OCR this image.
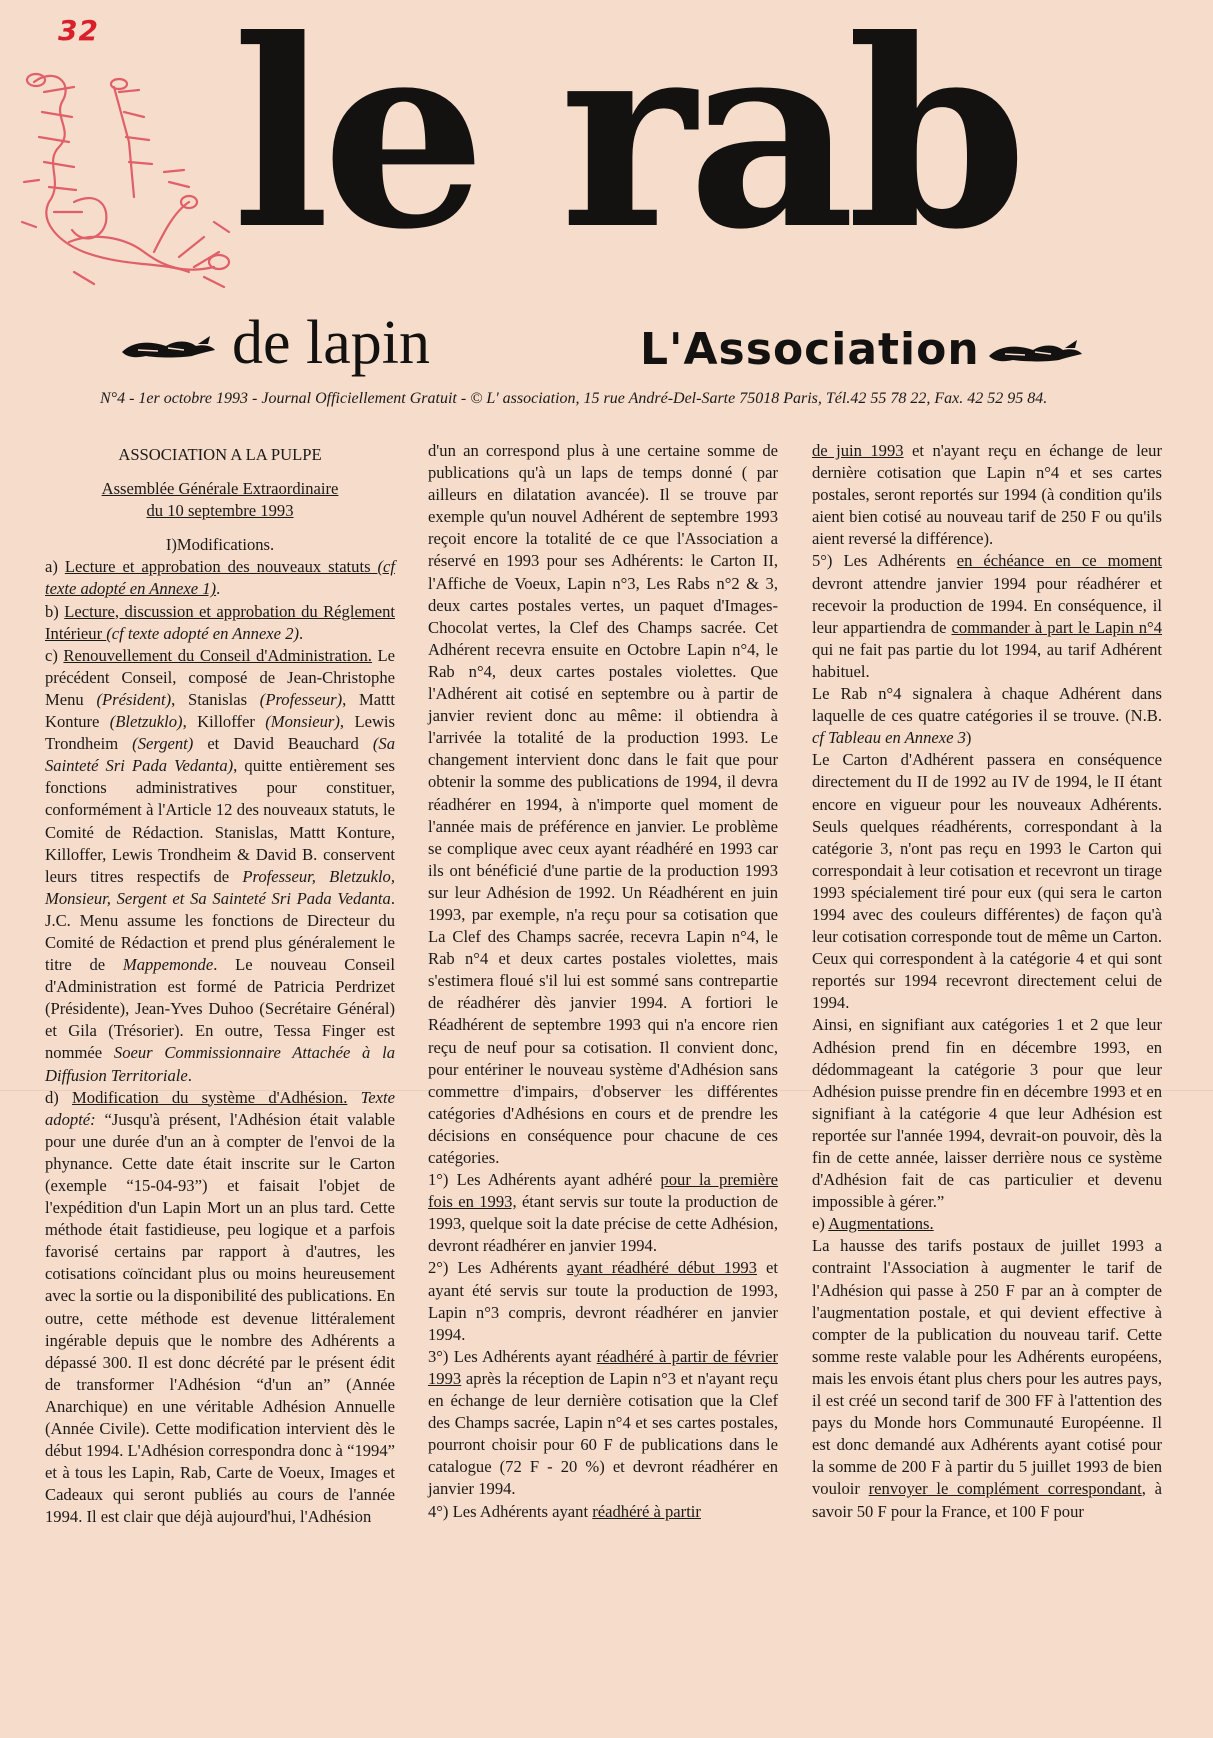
32 le rab
de lapin	L'Association
N°4 - 1er octobre 1993 - Journal Officiellement Gratuit - © L' association, 15 rue André-Del-Sarte 75018 Paris, Tél.42 55 78 22, Fax. 42 52 95 84.

ASSOCIATION A LA PULPE

Assemblée Générale Extraordinaire
du 10 septembre 1993

I)Modifications.

a) Lecture et approbation des nouveaux statuts (cf texte adopté en Annexe 1).

b) Lecture, discussion et approbation du Réglement Intérieur (cf texte adopté en Annexe 2).

c) Renouvellement du Conseil d'Administration. Le précédent Conseil, composé de Jean-Christophe Menu (Président), Stanislas (Professeur), Mattt Konture (Bletzuklo), Killoffer (Monsieur), Lewis Trondheim (Sergent) et David Beauchard (Sa Sainteté Sri Pada Vedanta), quitte entièrement ses fonctions administratives pour constituer, conformément à l'Article 12 des nouveaux statuts, le Comité de Rédaction. Stanislas, Mattt Konture, Killoffer, Lewis Trondheim & David B. conservent leurs titres respectifs de Professeur, Bletzuklo, Monsieur, Sergent et Sa Sainteté Sri Pada Vedanta. J.C. Menu assume les fonctions de Directeur du Comité de Rédaction et prend plus généralement le titre de Mappemonde. Le nouveau Conseil d'Administration est formé de Patricia Perdrizet (Présidente), Jean-Yves Duhoo (Secrétaire Général) et Gila (Trésorier). En outre, Tessa Finger est nommée Soeur Commissionnaire Attachée à la Diffusion Territoriale.

d) Modification du système d'Adhésion. Texte adopté: “Jusqu'à présent, l'Adhésion était valable pour une durée d'un an à compter de l'envoi de la phynance. Cette date était inscrite sur le Carton (exemple “15-04-93”) et faisait l'objet de l'expédition d'un Lapin Mort un an plus tard. Cette méthode était fastidieuse, peu logique et a parfois favorisé certains par rapport à d'autres, les cotisations coïncidant plus ou moins heureusement avec la sortie ou la disponibilité des publications. En outre, cette méthode est devenue littéralement ingérable depuis que le nombre des Adhérents a dépassé 300. Il est donc décrété par le présent édit de transformer l'Adhésion “d'un an” (Année Anarchique) en une véritable Adhésion Annuelle (Année Civile). Cette modification intervient dès le début 1994. L'Adhésion correspondra donc à “1994” et à tous les Lapin, Rab, Carte de Voeux, Images et Cadeaux qui seront publiés au cours de l'année 1994. Il est clair que déjà aujourd'hui, l'Adhésion

d'un an correspond plus à une certaine somme de publications qu'à un laps de temps donné ( par ailleurs en dilatation avancée). Il se trouve par exemple qu'un nouvel Adhérent de septembre 1993 reçoit encore la totalité de ce que l'Association a réservé en 1993 pour ses Adhérents: le Carton II, l'Affiche de Voeux, Lapin n°3, Les Rabs n°2 & 3, deux cartes postales vertes, un paquet d'Images-Chocolat vertes, la Clef des Champs sacrée. Cet Adhérent recevra ensuite en Octobre Lapin n°4, le Rab n°4, deux cartes postales violettes. Que l'Adhérent ait cotisé en septembre ou à partir de janvier revient donc au même: il obtiendra à l'arrivée la totalité de la production 1993. Le changement intervient donc dans le fait que pour obtenir la somme des publications de 1994, il devra réadhérer en 1994, à n'importe quel moment de l'année mais de préférence en janvier. Le problème se complique avec ceux ayant réadhéré en 1993 car ils ont bénéficié d'une partie de la production 1993 sur leur Adhésion de 1992. Un Réadhérent en juin 1993, par exemple, n'a reçu pour sa cotisation que La Clef des Champs sacrée, recevra Lapin n°4, le Rab n°4 et deux cartes postales violettes, mais s'estimera floué s'il lui est sommé sans contrepartie de réadhérer dès janvier 1994. A fortiori le Réadhérent de septembre 1993 qui n'a encore rien reçu de neuf pour sa cotisation. Il convient donc, pour entériner le nouveau système d'Adhésion sans commettre d'impairs, d'observer les différentes catégories d'Adhésions en cours et de prendre les décisions en conséquence pour chacune de ces catégories.

1°) Les Adhérents ayant adhéré pour la première fois en 1993, étant servis sur toute la production de 1993, quelque soit la date précise de cette Adhésion, devront réadhérer en janvier 1994.

2°) Les Adhérents ayant réadhéré début 1993 et ayant été servis sur toute la production de 1993, Lapin n°3 compris, devront réadhérer en janvier 1994.

3°) Les Adhérents ayant réadhéré à partir de février 1993 après la réception de Lapin n°3 et n'ayant reçu en échange de leur dernière cotisation que la Clef des Champs sacrée, Lapin n°4 et ses cartes postales, pourront choisir pour 60 F de publications dans le catalogue (72 F - 20 %) et devront réadhérer en janvier 1994.

4°) Les Adhérents ayant réadhéré à partir

de juin 1993 et n'ayant reçu en échange de leur dernière cotisation que Lapin n°4 et ses cartes postales, seront reportés sur 1994 (à condition qu'ils aient bien cotisé au nouveau tarif de 250 F ou qu'ils aient reversé la différence).

5°) Les Adhérents en échéance en ce moment devront attendre janvier 1994 pour réadhérer et recevoir la production de 1994. En conséquence, il leur appartiendra de commander à part le Lapin n°4 qui ne fait pas partie du lot 1994, au tarif Adhérent habituel.

Le Rab n°4 signalera à chaque Adhérent dans laquelle de ces quatre catégories il se trouve. (N.B. cf Tableau en Annexe 3)

Le Carton d'Adhérent passera en conséquence directement du II de 1992 au IV de 1994, le II étant encore en vigueur pour les nouveaux Adhérents. Seuls quelques réadhérents, correspondant à la catégorie 3, n'ont pas reçu en 1993 le Carton qui correspondait à leur cotisation et recevront un tirage 1993 spécialement tiré pour eux (qui sera le carton 1994 avec des couleurs différentes) de façon qu'à leur cotisation corresponde tout de même un Carton. Ceux qui correspondent à la catégorie 4 et qui sont reportés sur 1994 recevront directement celui de 1994.

Ainsi, en signifiant aux catégories 1 et 2 que leur Adhésion prend fin en décembre 1993, en dédommageant la catégorie 3 pour que leur Adhésion puisse prendre fin en décembre 1993 et en signifiant à la catégorie 4 que leur Adhésion est reportée sur l'année 1994, devrait-on pouvoir, dès la fin de cette année, laisser derrière nous ce système d'Adhésion fait de cas particulier et devenu impossible à gérer.”

e) Augmentations.

La hausse des tarifs postaux de juillet 1993 a contraint l'Association à augmenter le tarif de l'Adhésion qui passe à 250 F par an à compter de l'augmentation postale, et qui devient effective à compter de la publication du nouveau tarif. Cette somme reste valable pour les Adhérents européens, mais les envois étant plus chers pour les autres pays, il est créé un second tarif de 300 FF à l'attention des pays du Monde hors Communauté Européenne. Il est donc demandé aux Adhérents ayant cotisé pour la somme de 200 F à partir du 5 juillet 1993 de bien vouloir renvoyer le complément correspondant, à savoir 50 F pour la France, et 100 F pour
